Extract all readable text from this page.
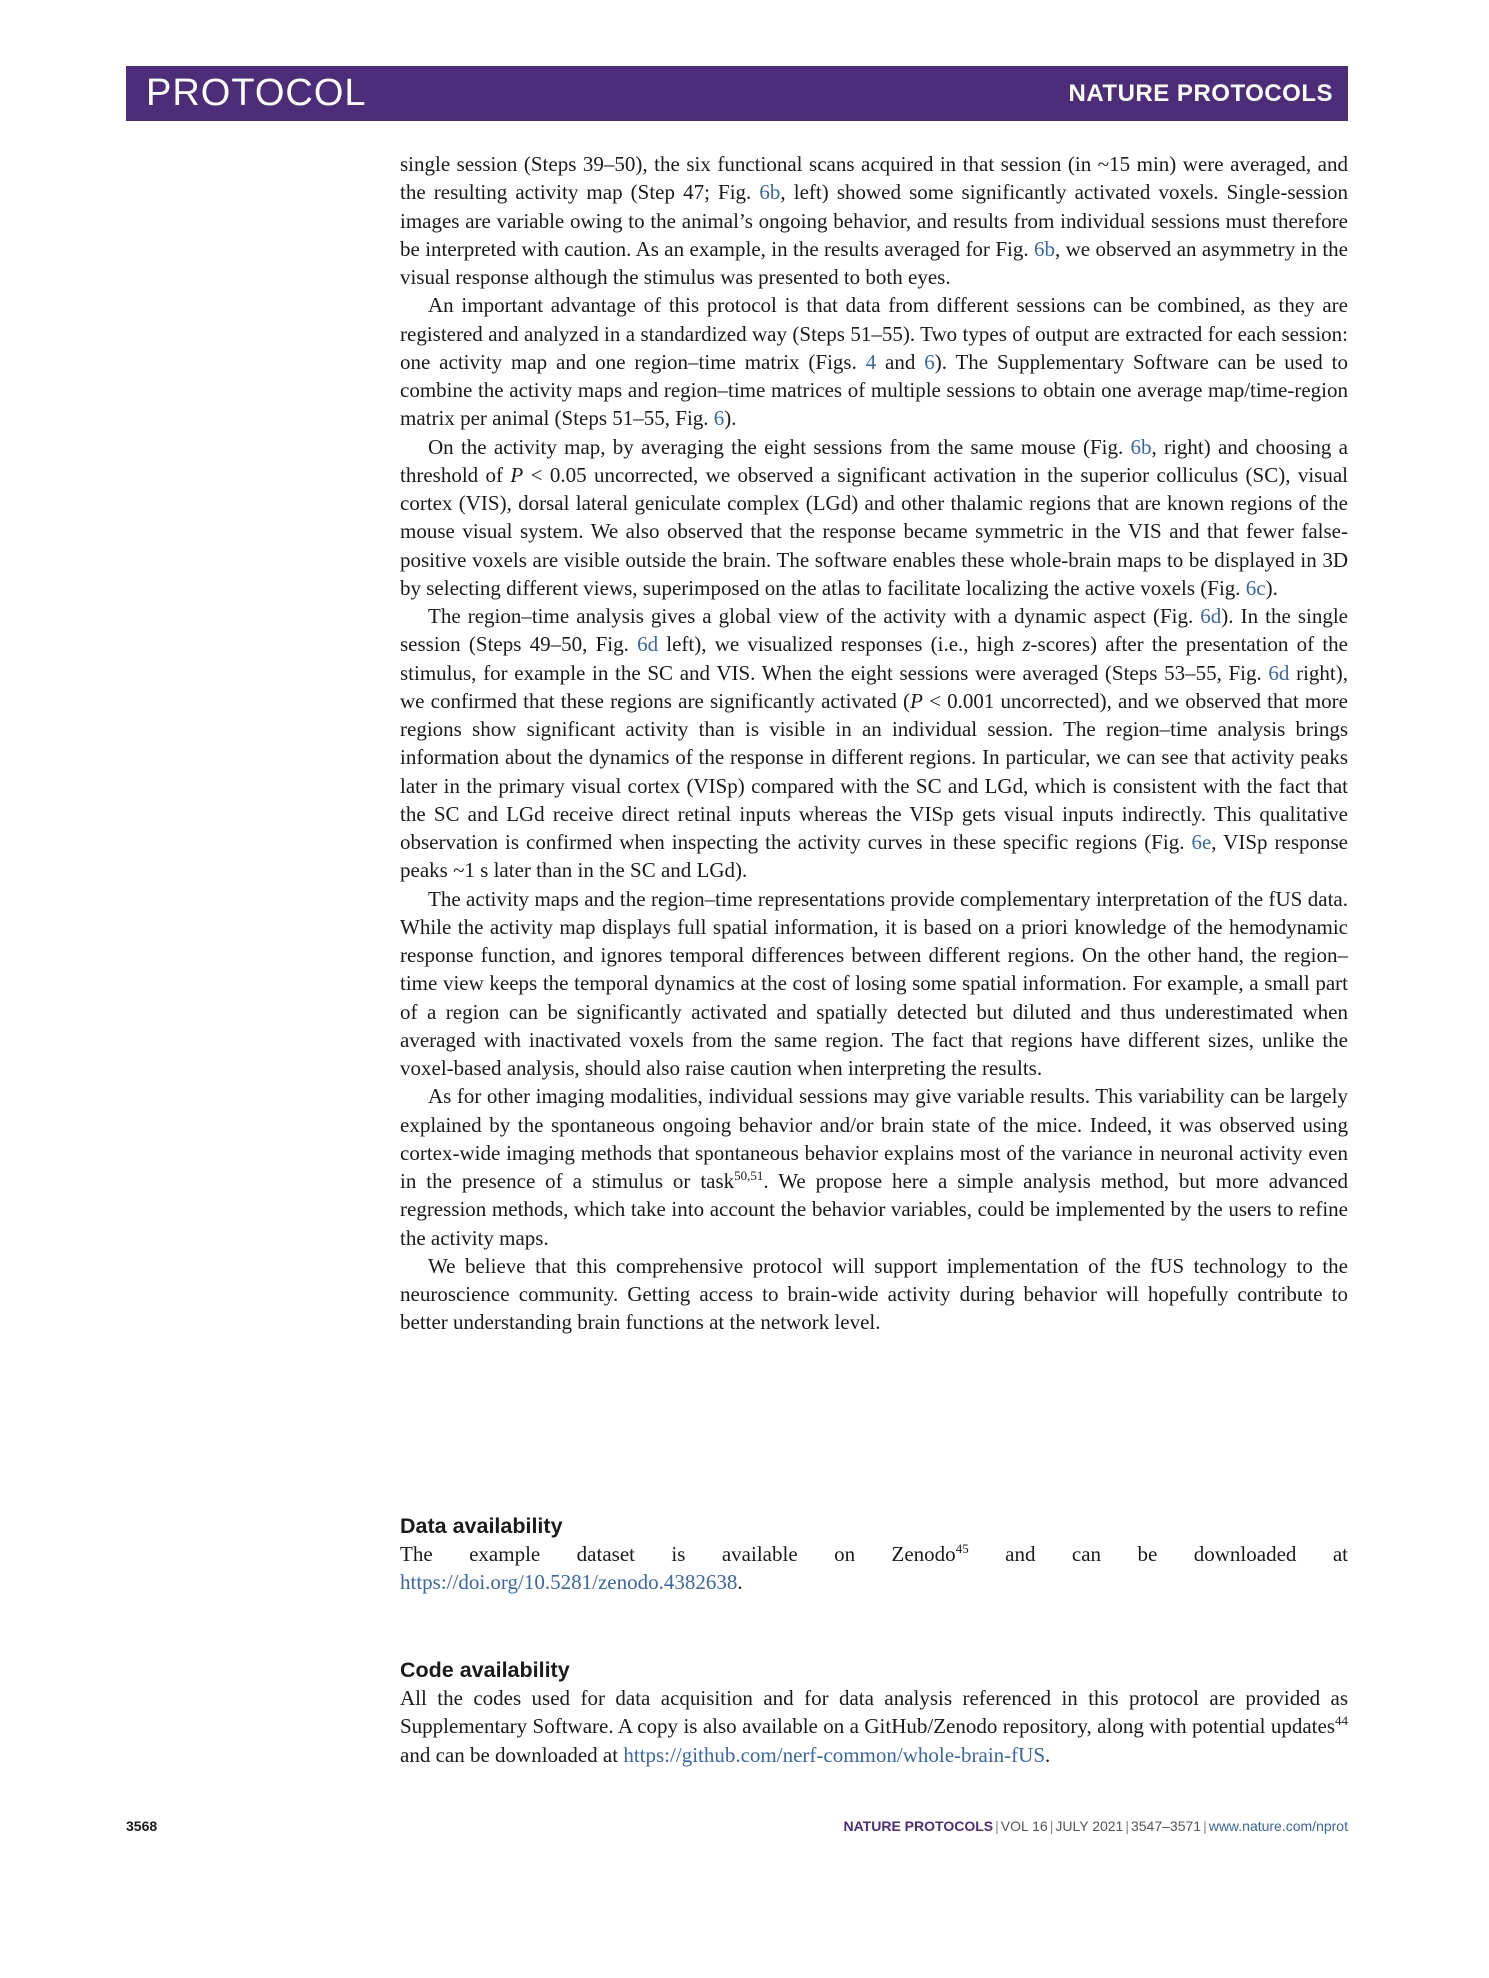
PROTOCOL	NATURE PROTOCOLS

single session (Steps 39–50), the six functional scans acquired in that session (in ~15 min) were averaged, and the resulting activity map (Step 47; Fig. 6b, left) showed some significantly activated voxels. Single-session images are variable owing to the animal’s ongoing behavior, and results from individual sessions must therefore be interpreted with caution. As an example, in the results averaged for Fig. 6b, we observed an asymmetry in the visual response although the stimulus was presented to both eyes.

An important advantage of this protocol is that data from different sessions can be combined, as they are registered and analyzed in a standardized way (Steps 51–55). Two types of output are extracted for each session: one activity map and one region–time matrix (Figs. 4 and 6). The Supplementary Software can be used to combine the activity maps and region–time matrices of multiple sessions to obtain one average map/time-region matrix per animal (Steps 51–55, Fig. 6).

On the activity map, by averaging the eight sessions from the same mouse (Fig. 6b, right) and choosing a threshold of P < 0.05 uncorrected, we observed a significant activation in the superior colliculus (SC), visual cortex (VIS), dorsal lateral geniculate complex (LGd) and other thalamic regions that are known regions of the mouse visual system. We also observed that the response became symmetric in the VIS and that fewer false-positive voxels are visible outside the brain. The software enables these whole-brain maps to be displayed in 3D by selecting different views, superimposed on the atlas to facilitate localizing the active voxels (Fig. 6c).

The region–time analysis gives a global view of the activity with a dynamic aspect (Fig. 6d). In the single session (Steps 49–50, Fig. 6d left), we visualized responses (i.e., high z-scores) after the presentation of the stimulus, for example in the SC and VIS. When the eight sessions were averaged (Steps 53–55, Fig. 6d right), we confirmed that these regions are significantly activated (P < 0.001 uncorrected), and we observed that more regions show significant activity than is visible in an individual session. The region–time analysis brings information about the dynamics of the response in different regions. In particular, we can see that activity peaks later in the primary visual cortex (VISp) compared with the SC and LGd, which is consistent with the fact that the SC and LGd receive direct retinal inputs whereas the VISp gets visual inputs indirectly. This qualitative observation is confirmed when inspecting the activity curves in these specific regions (Fig. 6e, VISp response peaks ~1 s later than in the SC and LGd).

The activity maps and the region–time representations provide complementary interpretation of the fUS data. While the activity map displays full spatial information, it is based on a priori knowledge of the hemodynamic response function, and ignores temporal differences between different regions. On the other hand, the region–time view keeps the temporal dynamics at the cost of losing some spatial information. For example, a small part of a region can be significantly activated and spatially detected but diluted and thus underestimated when averaged with inactivated voxels from the same region. The fact that regions have different sizes, unlike the voxel-based analysis, should also raise caution when interpreting the results.

As for other imaging modalities, individual sessions may give variable results. This variability can be largely explained by the spontaneous ongoing behavior and/or brain state of the mice. Indeed, it was observed using cortex-wide imaging methods that spontaneous behavior explains most of the variance in neuronal activity even in the presence of a stimulus or task$^{50,51}$. We propose here a simple analysis method, but more advanced regression methods, which take into account the behavior variables, could be implemented by the users to refine the activity maps.

We believe that this comprehensive protocol will support implementation of the fUS technology to the neuroscience community. Getting access to brain-wide activity during behavior will hopefully contribute to better understanding brain functions at the network level.

Data availability

The example dataset is available on Zenodo$^{45}$ and can be downloaded at https://doi.org/10.5281/zenodo.4382638.

Code availability

All the codes used for data acquisition and for data analysis referenced in this protocol are provided as Supplementary Software. A copy is also available on a GitHub/Zenodo repository, along with potential updates$^{44}$ and can be downloaded at https://github.com/nerf-common/whole-brain-fUS.

3568	NATURE PROTOCOLS | VOL 16 | JULY 2021 | 3547–3571 | www.nature.com/nprot
